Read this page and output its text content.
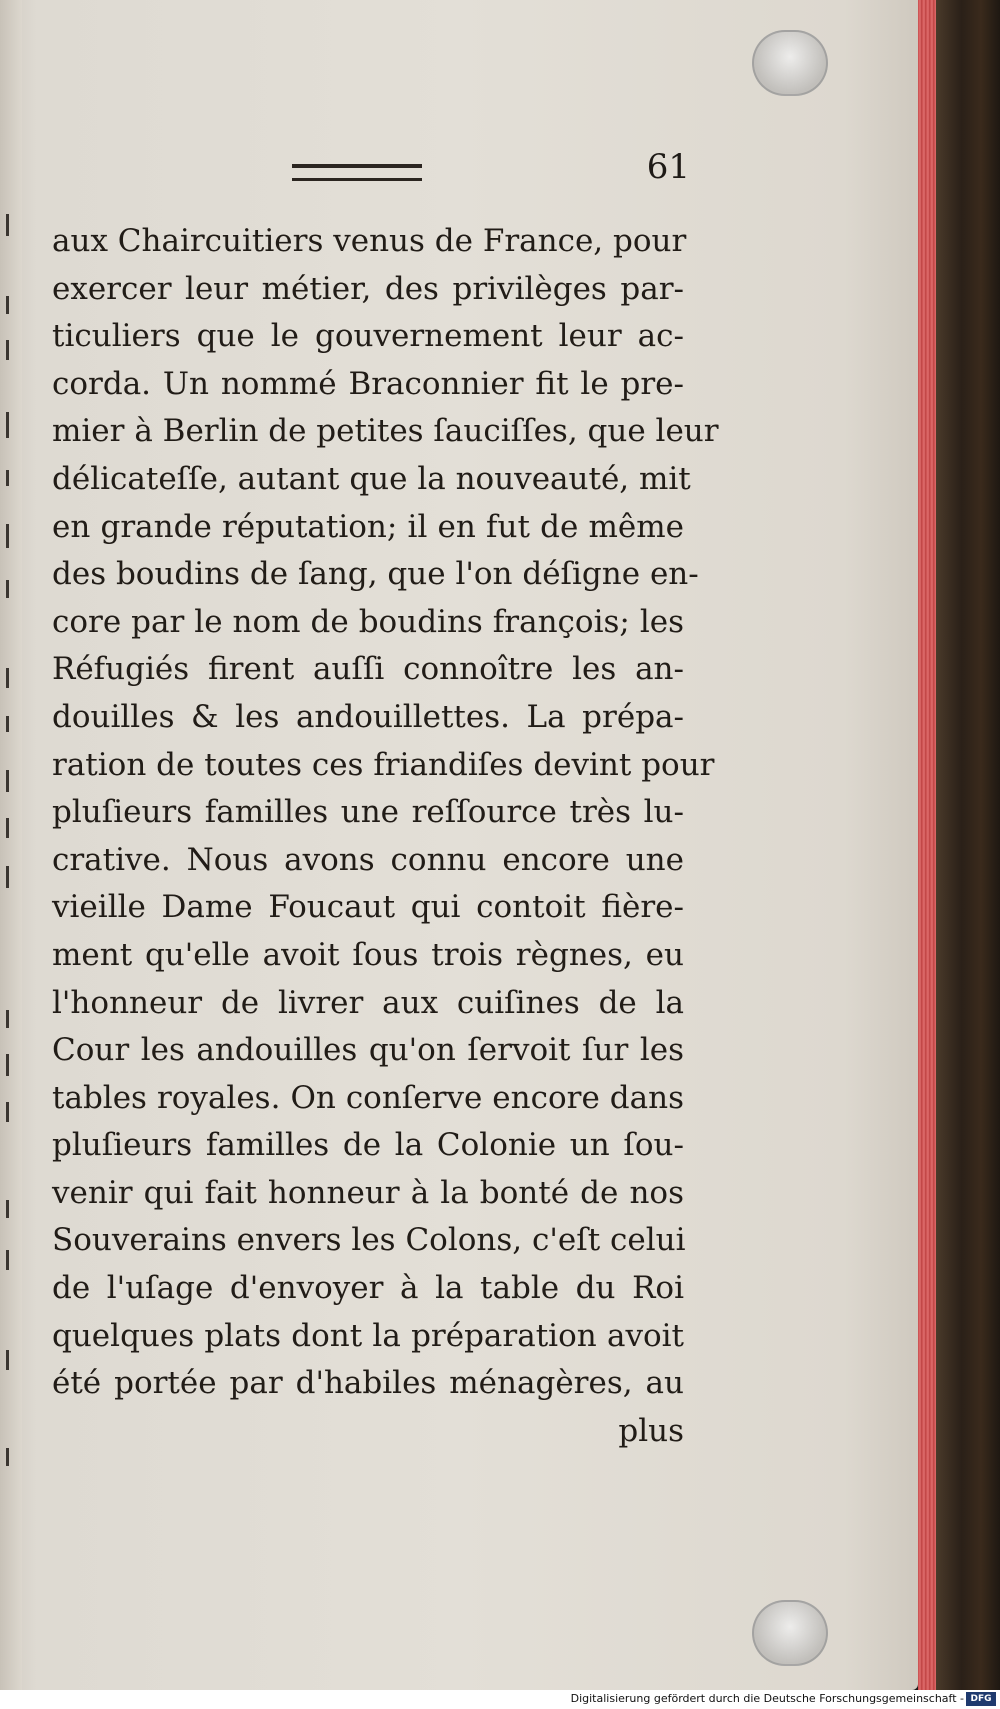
61
aux Chaircuitiers venus de France, pour
exercer leur métier, des privilèges par-
ticuliers que le gouvernement leur ac-
corda. Un nommé Braconnier fit le pre-
mier à Berlin de petites ſauciſſes, que leur
délicateſſe, autant que la nouveauté, mit
en grande réputation; il en fut de même
des boudins de ſang, que l'on déſigne en-
core par le nom de boudins françois; les
Réfugiés firent auſſi connoître les an-
douilles & les andouillettes. La prépa-
ration de toutes ces friandiſes devint pour
pluſieurs familles une reſſource très lu-
crative. Nous avons connu encore une
vieille Dame Foucaut qui contoit fière-
ment qu'elle avoit ſous trois règnes, eu
l'honneur de livrer aux cuiſines de la
Cour les andouilles qu'on ſervoit ſur les
tables royales. On conſerve encore dans
pluſieurs familles de la Colonie un ſou-
venir qui fait honneur à la bonté de nos
Souverains envers les Colons, c'eſt celui
de l'uſage d'envoyer à la table du Roi
quelques plats dont la préparation avoit
été portée par d'habiles ménagères, au
plus
Digitalisierung gefördert durch die Deutsche Forschungsgemeinschaft - DFG
